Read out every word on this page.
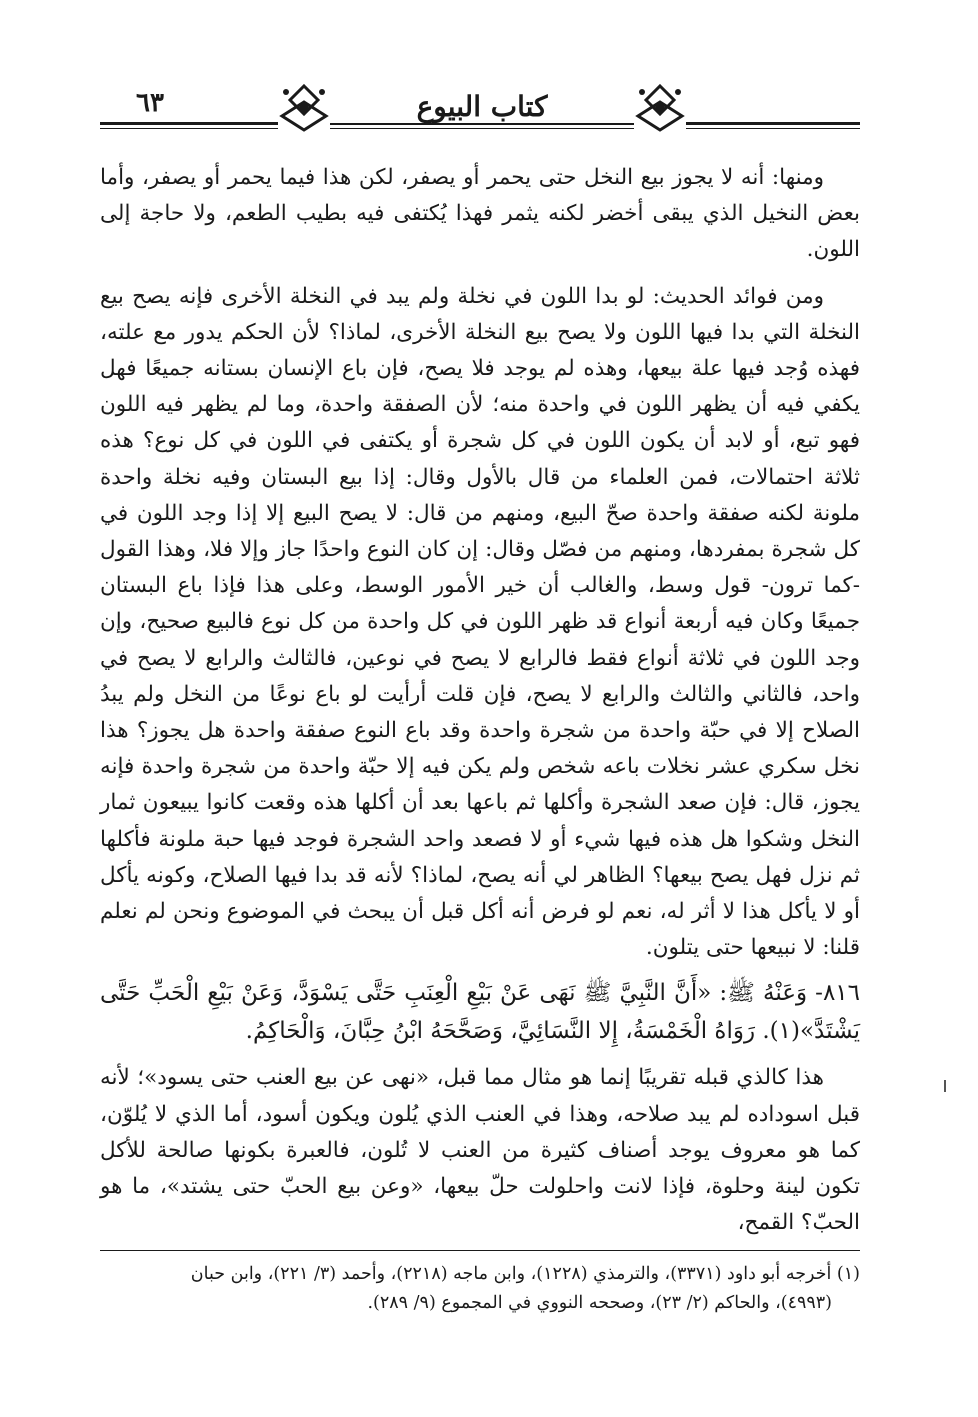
٦٣	كتاب البيوع

ومنها: أنه لا يجوز بيع النخل حتى يحمر أو يصفر، لكن هذا فيما يحمر أو يصفر، وأما بعض النخيل الذي يبقى أخضر لكنه يثمر فهذا يُكتفى فيه بطيب الطعم، ولا حاجة إلى اللون.

ومن فوائد الحديث: لو بدا اللون في نخلة ولم يبد في النخلة الأخرى فإنه يصح بيع النخلة التي بدا فيها اللون ولا يصح بيع النخلة الأخرى، لماذا؟ لأن الحكم يدور مع علته، فهذه وُجد فيها علة بيعها، وهذه لم يوجد فلا يصح، فإن باع الإنسان بستانه جميعًا فهل يكفي فيه أن يظهر اللون في واحدة منه؛ لأن الصفقة واحدة، وما لم يظهر فيه اللون فهو تبع، أو لابد أن يكون اللون في كل شجرة أو يكتفى في اللون في كل نوع؟ هذه ثلاثة احتمالات، فمن العلماء من قال بالأول وقال: إذا بيع البستان وفيه نخلة واحدة ملونة لكنه صفقة واحدة صحّ البيع، ومنهم من قال: لا يصح البيع إلا إذا وجد اللون في كل شجرة بمفردها، ومنهم من فصّل وقال: إن كان النوع واحدًا جاز وإلا فلا، وهذا القول -كما ترون- قول وسط، والغالب أن خير الأمور الوسط، وعلى هذا فإذا باع البستان جميعًا وكان فيه أربعة أنواع قد ظهر اللون في كل واحدة من كل نوع فالبيع صحيح، وإن وجد اللون في ثلاثة أنواع فقط فالرابع لا يصح في نوعين، فالثالث والرابع لا يصح في واحد، فالثاني والثالث والرابع لا يصح، فإن قلت أرأيت لو باع نوعًا من النخل ولم يبدُ الصلاح إلا في حبّة واحدة من شجرة واحدة وقد باع النوع صفقة واحدة هل يجوز؟ هذا نخل سكري عشر نخلات باعه شخص ولم يكن فيه إلا حبّة واحدة من شجرة واحدة فإنه يجوز، قال: فإن صعد الشجرة وأكلها ثم باعها بعد أن أكلها هذه وقعت كانوا يبيعون ثمار النخل وشكوا هل هذه فيها شيء أو لا فصعد واحد الشجرة فوجد فيها حبة ملونة فأكلها ثم نزل فهل يصح بيعها؟ الظاهر لي أنه يصح، لماذا؟ لأنه قد بدا فيها الصلاح، وكونه يأكل أو لا يأكل هذا لا أثر له، نعم لو فرض أنه أكل قبل أن يبحث في الموضوع ونحن لم نعلم قلنا: لا نبيعها حتى يتلون.

٨١٦- وَعَنْهُ ﷺ: «أَنَّ النَّبِيَّ ﷺ نَهَى عَنْ بَيْعِ الْعِنَبِ حَتَّى يَسْوَدَّ، وَعَنْ بَيْعِ الْحَبِّ حَتَّى يَشْتَدَّ»(١). رَوَاهُ الْخَمْسَةُ، إِلا النَّسَائِيَّ، وَصَحَّحَهُ ابْنُ حِبَّانَ، وَالْحَاكِمُ.

هذا كالذي قبله تقريبًا إنما هو مثال مما قبل، «نهى عن بيع العنب حتى يسود»؛ لأنه قبل اسوداده لم يبد صلاحه، وهذا في العنب الذي يُلون ويكون أسود، أما الذي لا يُلوّن، كما هو معروف يوجد أصناف كثيرة من العنب لا تُلون، فالعبرة بكونها صالحة للأكل تكون لينة وحلوة، فإذا لانت واحلولت حلّ بيعها، «وعن بيع الحبّ حتى يشتد»، ما هو الحبّ؟ القمح،

(١) أخرجه أبو داود (٣٣٧١)، والترمذي (١٢٢٨)، وابن ماجه (٢٢١٨)، وأحمد (٣/ ٢٢١)، وابن حبان

(٤٩٩٣)، والحاكم (٢/ ٢٣)، وصححه النووي في المجموع (٩/ ٢٨٩).
